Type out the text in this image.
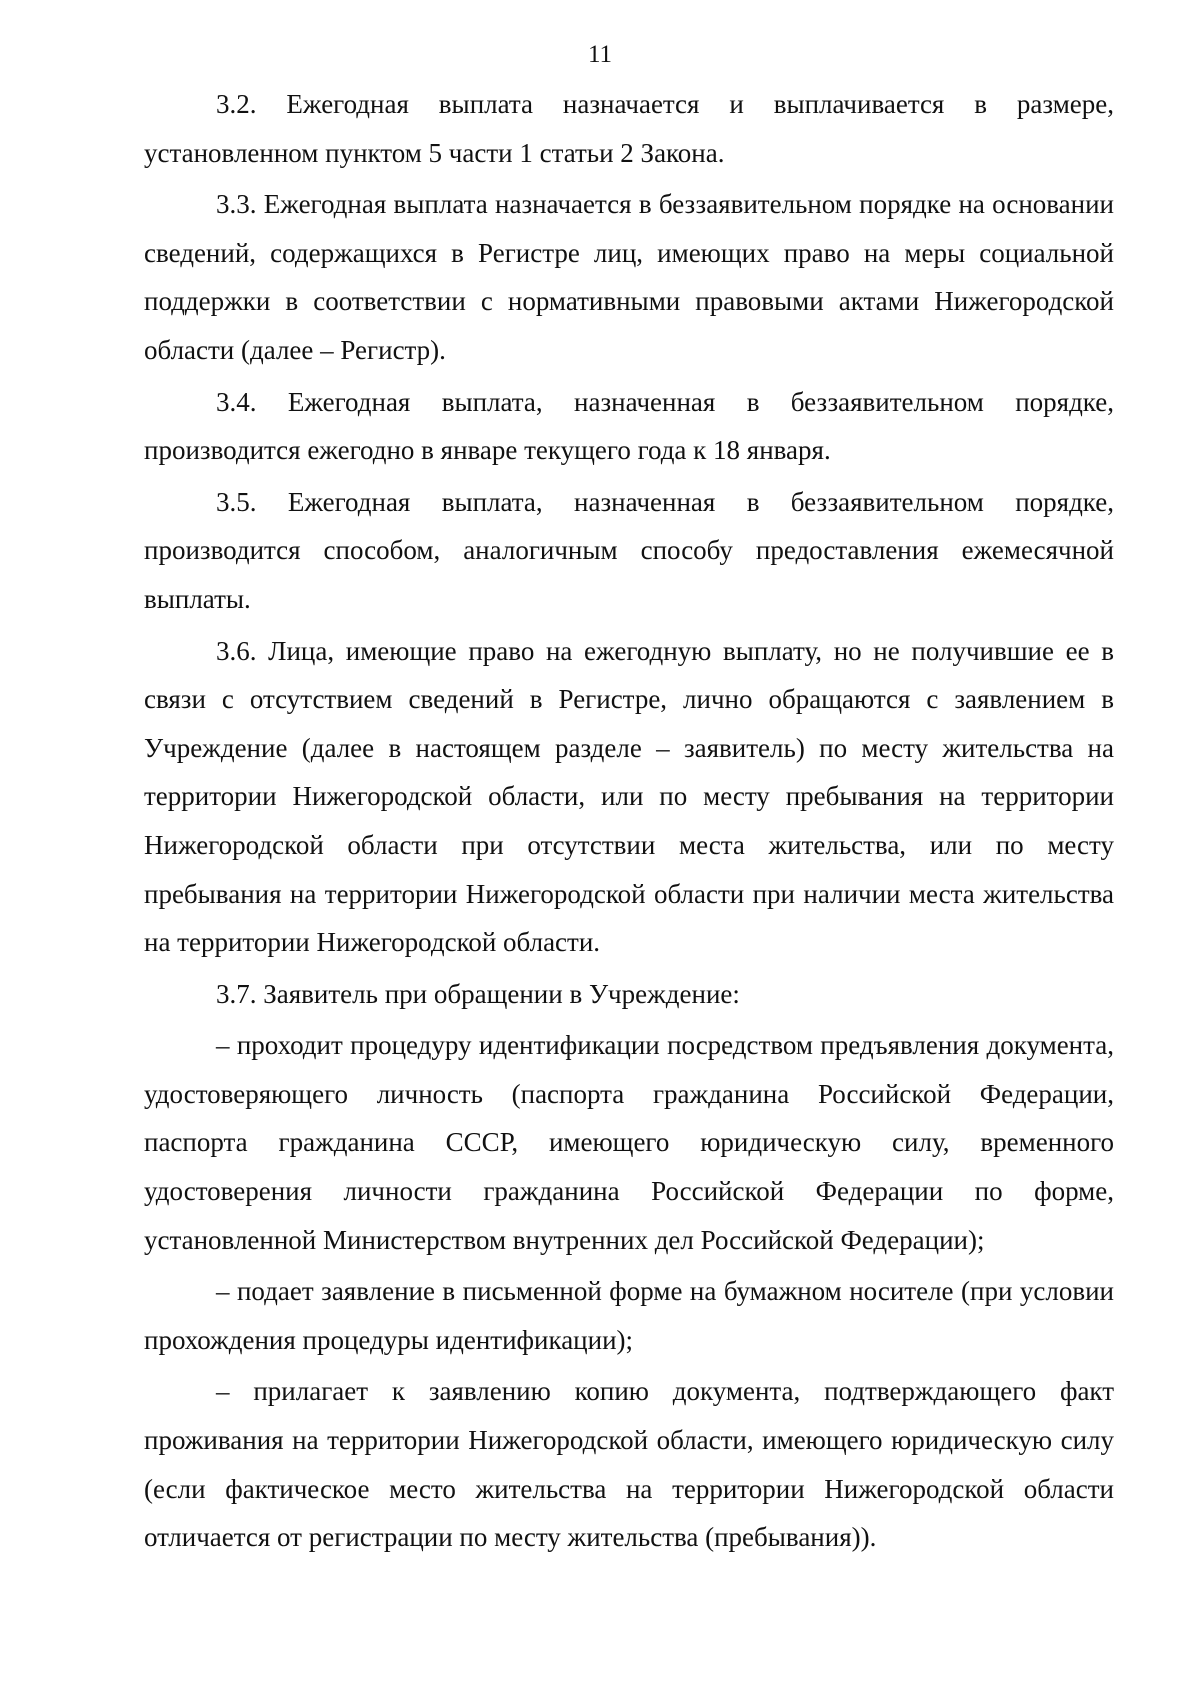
11

3.2. Ежегодная выплата назначается и выплачивается в размере, установленном пунктом 5 части 1 статьи 2 Закона.

3.3. Ежегодная выплата назначается в беззаявительном порядке на основании сведений, содержащихся в Регистре лиц, имеющих право на меры социальной поддержки в соответствии с нормативными правовыми актами Нижегородской области (далее – Регистр).

3.4. Ежегодная выплата, назначенная в беззаявительном порядке, производится ежегодно в январе текущего года к 18 января.

3.5. Ежегодная выплата, назначенная в беззаявительном порядке, производится способом, аналогичным способу предоставления ежемесячной выплаты.

3.6. Лица, имеющие право на ежегодную выплату, но не получившие ее в связи с отсутствием сведений в Регистре, лично обращаются с заявлением в Учреждение (далее в настоящем разделе – заявитель) по месту жительства на территории Нижегородской области, или по месту пребывания на территории Нижегородской области при отсутствии места жительства, или по месту пребывания на территории Нижегородской области при наличии места жительства на территории Нижегородской области.

3.7. Заявитель при обращении в Учреждение:

– проходит процедуру идентификации посредством предъявления документа, удостоверяющего личность (паспорта гражданина Российской Федерации, паспорта гражданина СССР, имеющего юридическую силу, временного удостоверения личности гражданина Российской Федерации по форме, установленной Министерством внутренних дел Российской Федерации);

– подает заявление в письменной форме на бумажном носителе (при условии прохождения процедуры идентификации);

– прилагает к заявлению копию документа, подтверждающего факт проживания на территории Нижегородской области, имеющего юридическую силу (если фактическое место жительства на территории Нижегородской области отличается от регистрации по месту жительства (пребывания)).
